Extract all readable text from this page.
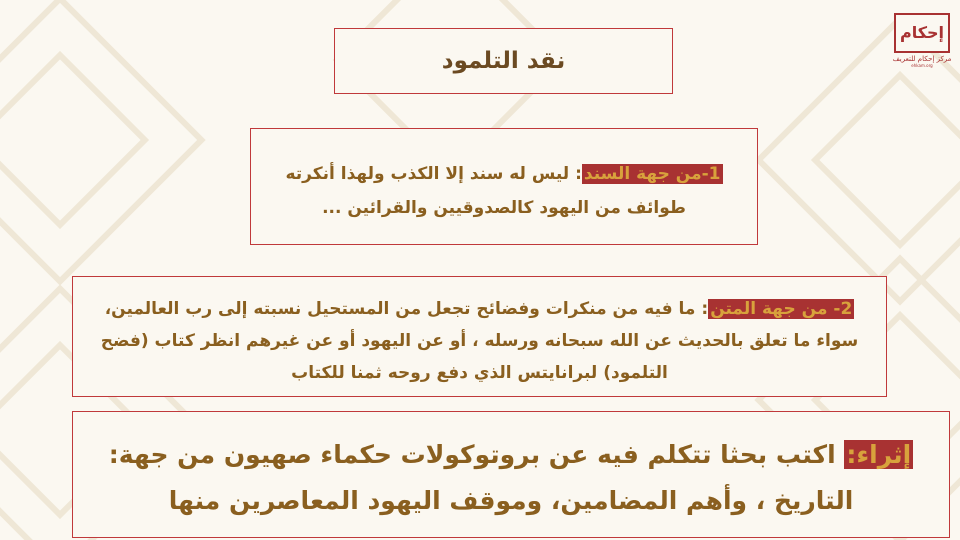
إحكام
مركز إحكام للتعريف
ehkam.org
نقد التلمود
1-من جهة السند: ليس له سند إلا الكذب ولهذا أنكرته طوائف من اليهود كالصدوقيين والقرائين ...
2- من جهة المتن: ما فيه من منكرات وفضائح تجعل من المستحيل نسبته إلى رب العالمين، سواء ما تعلق بالحديث عن الله سبحانه ورسله ، أو عن اليهود أو عن غيرهم انظر كتاب (فضح التلمود) لبرانايتس الذي دفع روحه ثمنا للكتاب
إثراء: اكتب بحثا تتكلم فيه عن بروتوكولات حكماء صهيون من جهة: التاريخ ، وأهم المضامين، وموقف اليهود المعاصرين منها
